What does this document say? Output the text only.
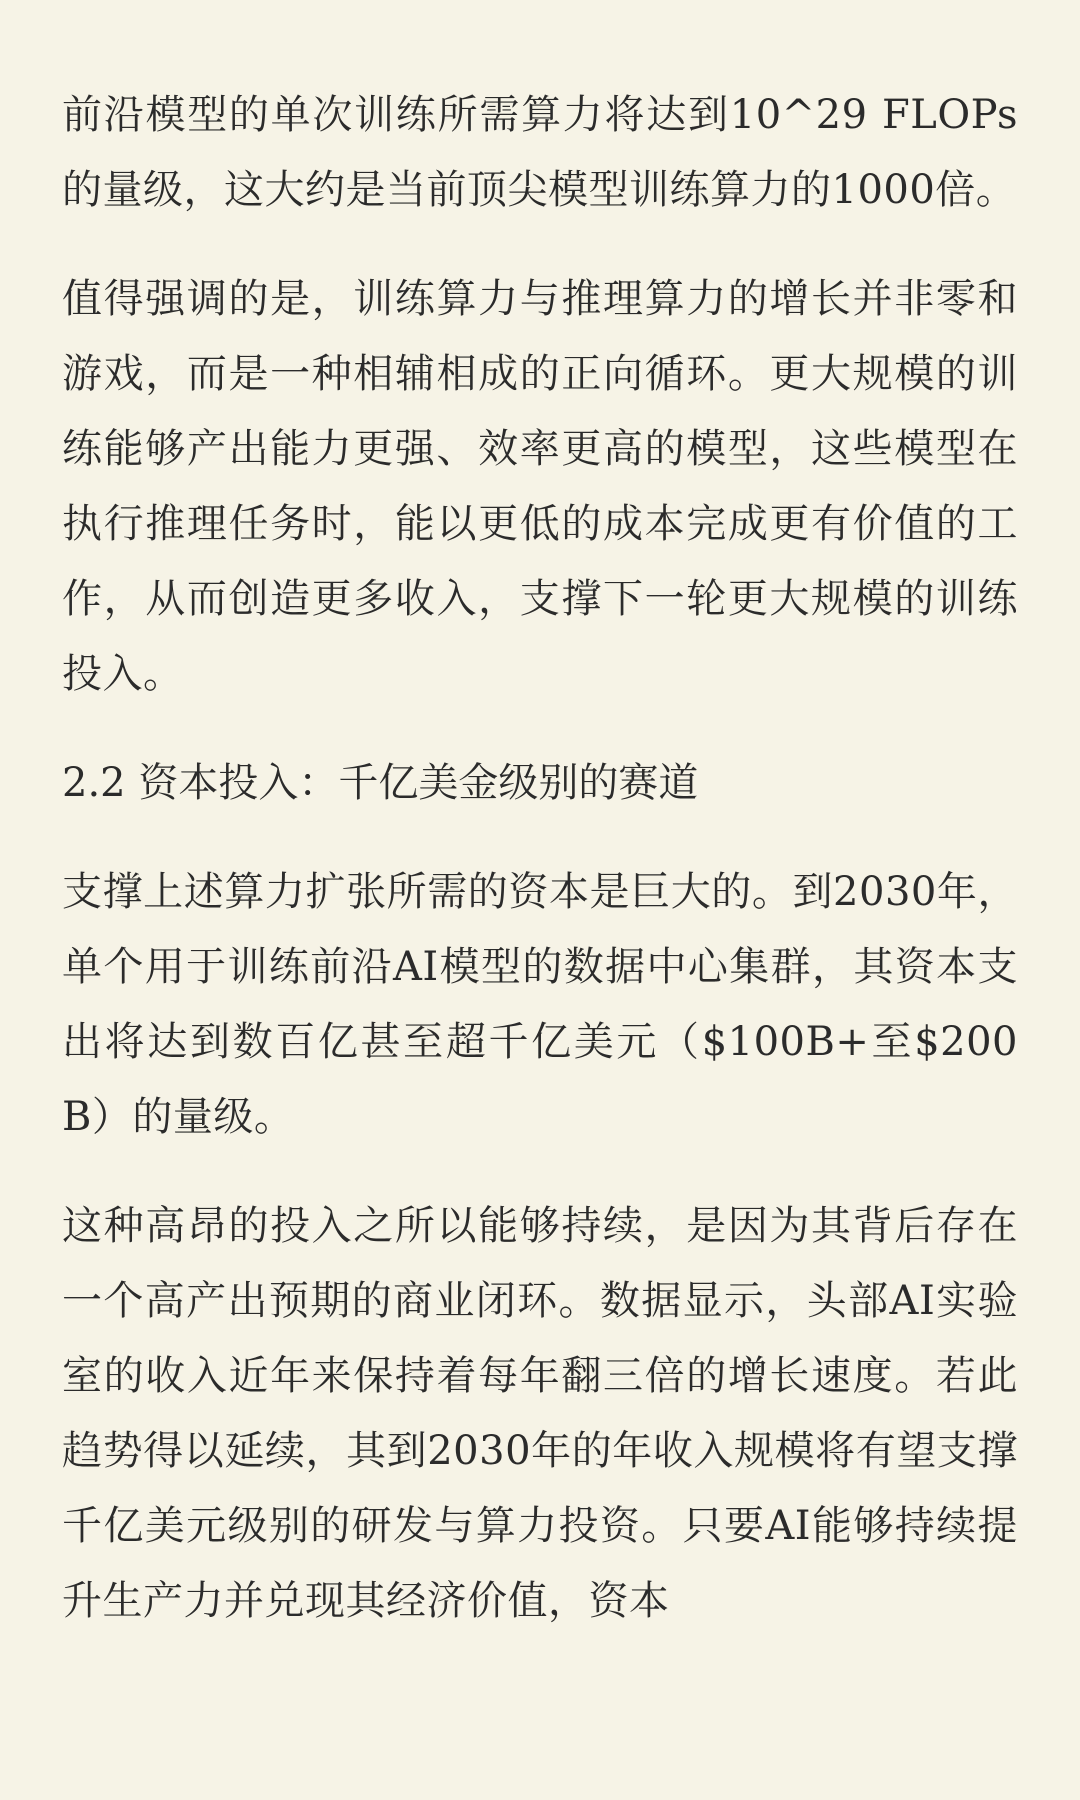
前沿模型的单次训练所需算力将达到10^29 FLOPs的量级，这大约是当前顶尖模型训练算力的1000倍。

值得强调的是，训练算力与推理算力的增长并非零和游戏，而是一种相辅相成的正向循环。更大规模的训练能够产出能力更强、效率更高的模型，这些模型在执行推理任务时，能以更低的成本完成更有价值的工作，从而创造更多收入，支撑下一轮更大规模的训练投入。

2.2 资本投入：千亿美金级别的赛道

支撑上述算力扩张所需的资本是巨大的。到2030年，单个用于训练前沿AI模型的数据中心集群，其资本支出将达到数百亿甚至超千亿美元（$100B+至$200B）的量级。

这种高昂的投入之所以能够持续，是因为其背后存在一个高产出预期的商业闭环。数据显示，头部AI实验室的收入近年来保持着每年翻三倍的增长速度。若此趋势得以延续，其到2030年的年收入规模将有望支撑千亿美元级别的研发与算力投资。只要AI能够持续提升生产力并兑现其经济价值，资本
